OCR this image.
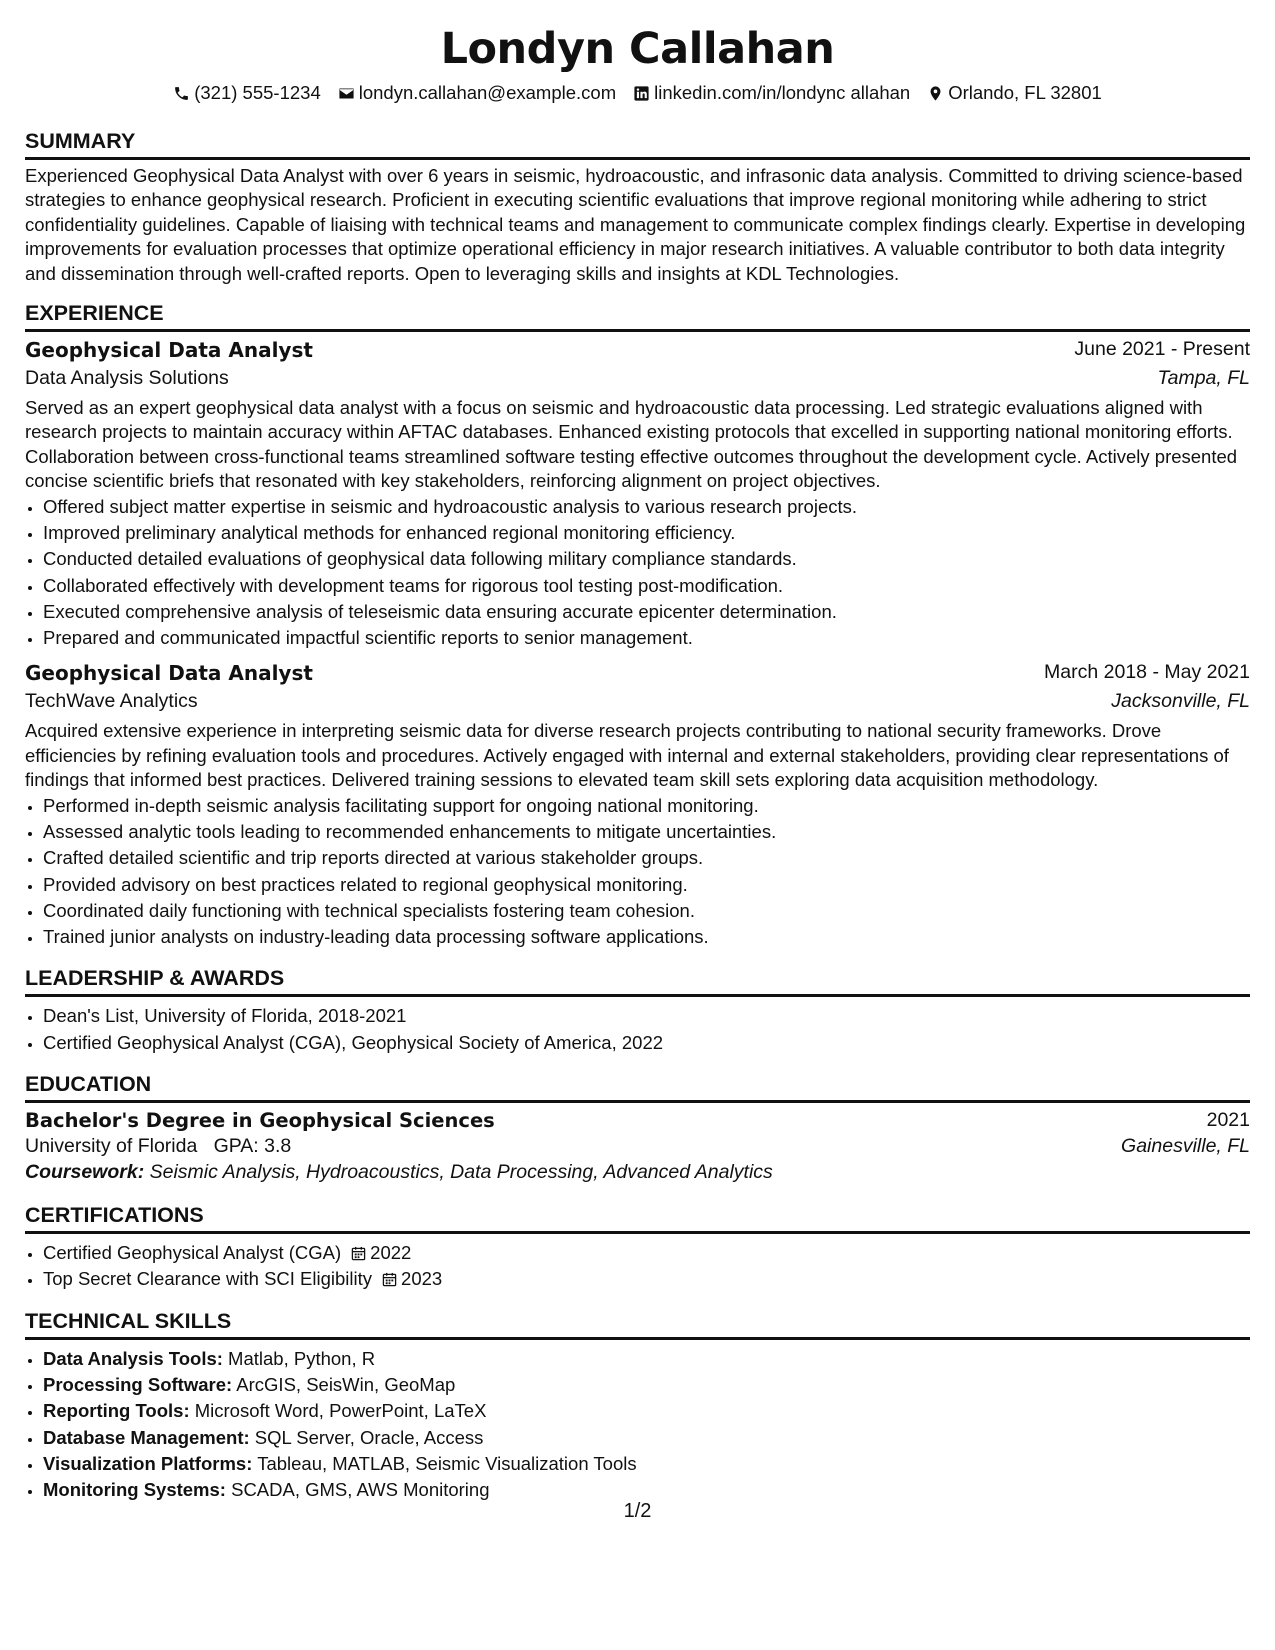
Londyn Callahan
(321) 555-1234 londyn.callahan@example.com linkedin.com/in/londync allahan Orlando, FL 32801
SUMMARY

Experienced Geophysical Data Analyst with over 6 years in seismic, hydroacoustic, and infrasonic data analysis. Committed to driving science-based strategies to enhance geophysical research. Proficient in executing scientific evaluations that improve regional monitoring while adhering to strict confidentiality guidelines. Capable of liaising with technical teams and management to communicate complex findings clearly. Expertise in developing improvements for evaluation processes that optimize operational efficiency in major research initiatives. A valuable contributor to both data integrity and dissemination through well-crafted reports. Open to leveraging skills and insights at KDL Technologies.

EXPERIENCE
Geophysical Data Analyst	June 2021 - Present
Data Analysis Solutions	Tampa, FL

Served as an expert geophysical data analyst with a focus on seismic and hydroacoustic data processing. Led strategic evaluations aligned with research projects to maintain accuracy within AFTAC databases. Enhanced existing protocols that excelled in supporting national monitoring efforts. Collaboration between cross-functional teams streamlined software testing effective outcomes throughout the development cycle. Actively presented concise scientific briefs that resonated with key stakeholders, reinforcing alignment on project objectives.

• Offered subject matter expertise in seismic and hydroacoustic analysis to various research projects.
• Improved preliminary analytical methods for enhanced regional monitoring efficiency.
• Conducted detailed evaluations of geophysical data following military compliance standards.
• Collaborated effectively with development teams for rigorous tool testing post-modification.
• Executed comprehensive analysis of teleseismic data ensuring accurate epicenter determination.
• Prepared and communicated impactful scientific reports to senior management.
Geophysical Data Analyst	March 2018 - May 2021
TechWave Analytics	Jacksonville, FL

Acquired extensive experience in interpreting seismic data for diverse research projects contributing to national security frameworks. Drove efficiencies by refining evaluation tools and procedures. Actively engaged with internal and external stakeholders, providing clear representations of findings that informed best practices. Delivered training sessions to elevated team skill sets exploring data acquisition methodology.

• Performed in-depth seismic analysis facilitating support for ongoing national monitoring.
• Assessed analytic tools leading to recommended enhancements to mitigate uncertainties.
• Crafted detailed scientific and trip reports directed at various stakeholder groups.
• Provided advisory on best practices related to regional geophysical monitoring.
• Coordinated daily functioning with technical specialists fostering team cohesion.
• Trained junior analysts on industry-leading data processing software applications.
LEADERSHIP & AWARDS
• Dean's List, University of Florida, 2018-2021
• Certified Geophysical Analyst (CGA), Geophysical Society of America, 2022
EDUCATION
Bachelor's Degree in Geophysical Sciences	2021
University of Florida GPA: 3.8	Gainesville, FL
Coursework: Seismic Analysis, Hydroacoustics, Data Processing, Advanced Analytics
CERTIFICATIONS
• Certified Geophysical Analyst (CGA) 2022
• Top Secret Clearance with SCI Eligibility 2023
TECHNICAL SKILLS
• Data Analysis Tools: Matlab, Python, R
• Processing Software: ArcGIS, SeisWin, GeoMap
• Reporting Tools: Microsoft Word, PowerPoint, LaTeX
• Database Management: SQL Server, Oracle, Access
• Visualization Platforms: Tableau, MATLAB, Seismic Visualization Tools
• Monitoring Systems: SCADA, GMS, AWS Monitoring
1/2
